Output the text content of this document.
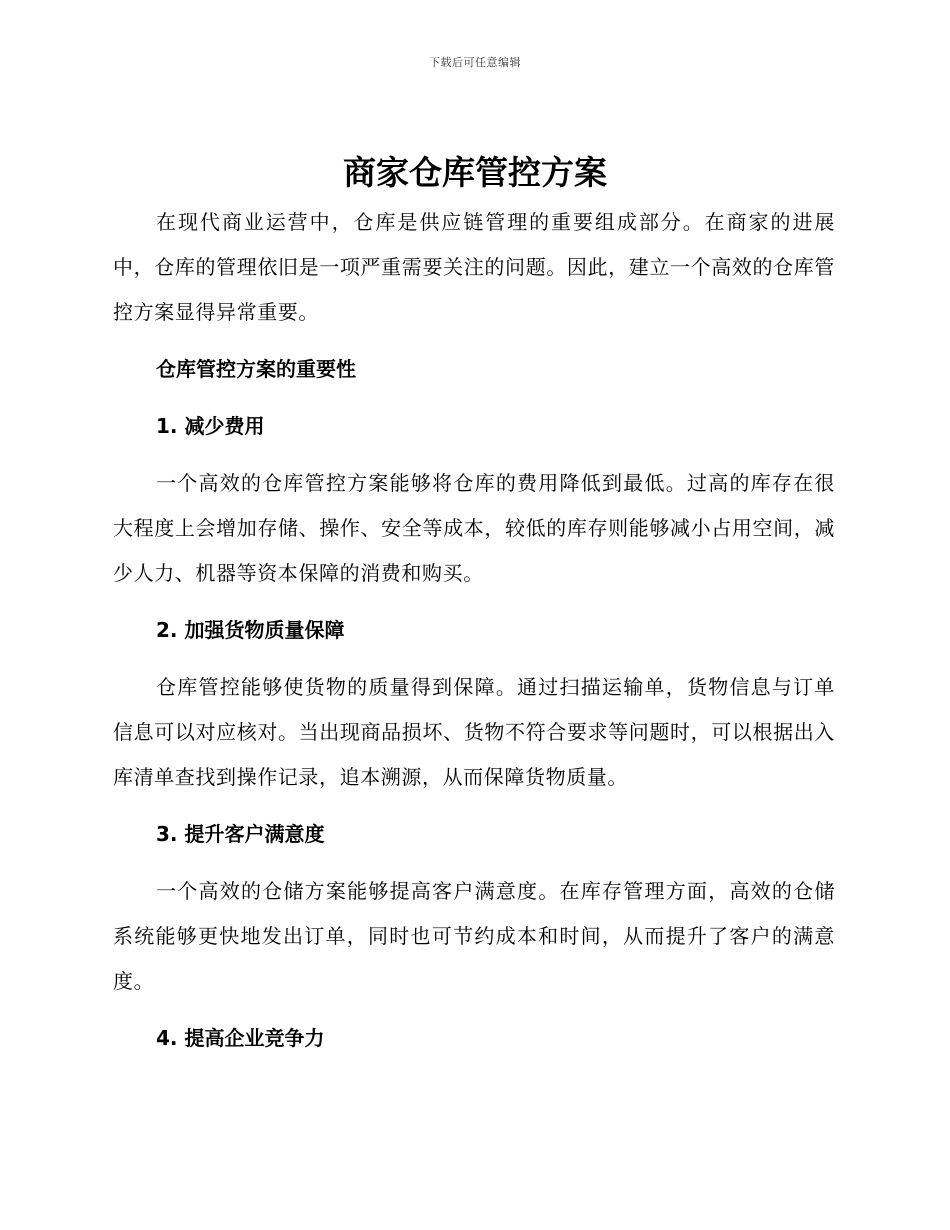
下载后可任意编辑
商家仓库管控方案

在现代商业运营中，仓库是供应链管理的重要组成部分。在商家的进展中，仓库的管理依旧是一项严重需要关注的问题。因此，建立一个高效的仓库管控方案显得异常重要。

仓库管控方案的重要性
1. 减少费用

一个高效的仓库管控方案能够将仓库的费用降低到最低。过高的库存在很大程度上会增加存储、操作、安全等成本，较低的库存则能够减小占用空间，减少人力、机器等资本保障的消费和购买。

2. 加强货物质量保障

仓库管控能够使货物的质量得到保障。通过扫描运输单，货物信息与订单信息可以对应核对。当出现商品损坏、货物不符合要求等问题时，可以根据出入库清单查找到操作记录，追本溯源，从而保障货物质量。

3. 提升客户满意度

一个高效的仓储方案能够提高客户满意度。在库存管理方面，高效的仓储系统能够更快地发出订单，同时也可节约成本和时间，从而提升了客户的满意度。

4. 提高企业竞争力
